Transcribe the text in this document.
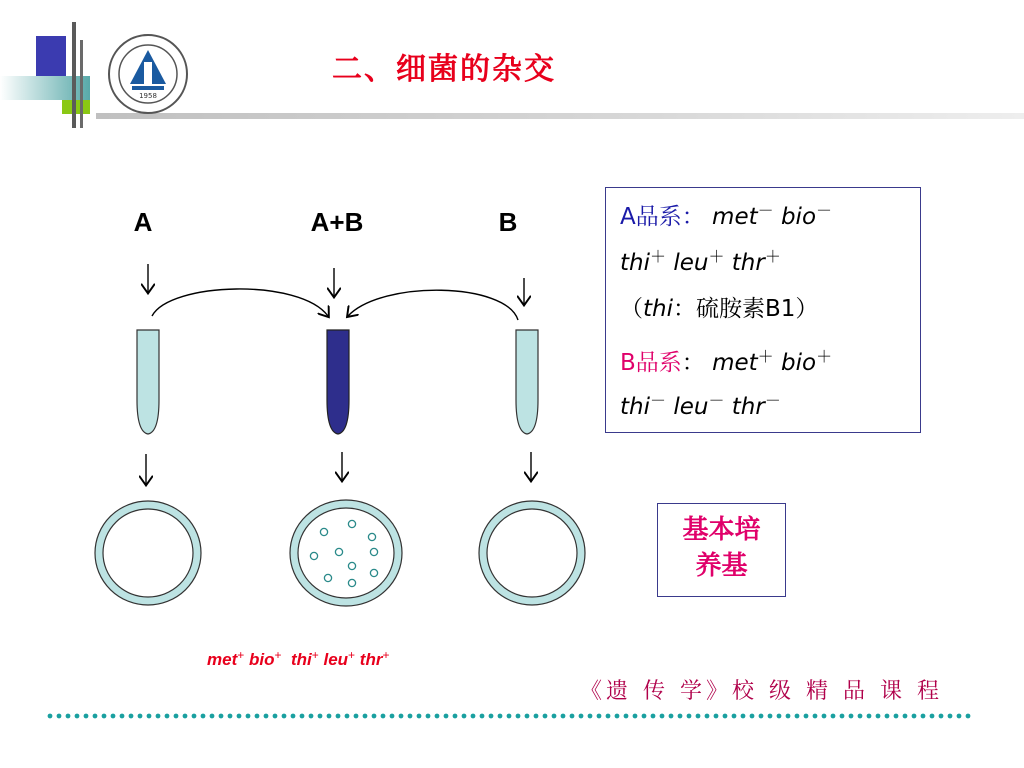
1958
二、细菌的杂交
A	A+B	B	A品系： met－ bio－
thi＋ leu＋ thr＋
（thi：硫胺素B1）
B品系： met＋ bio＋
thi－ leu－ thr－
基本培
养基
met+ bio+ thi+ leu+ thr+
《遗 传 学》校 级 精 品 课 程
